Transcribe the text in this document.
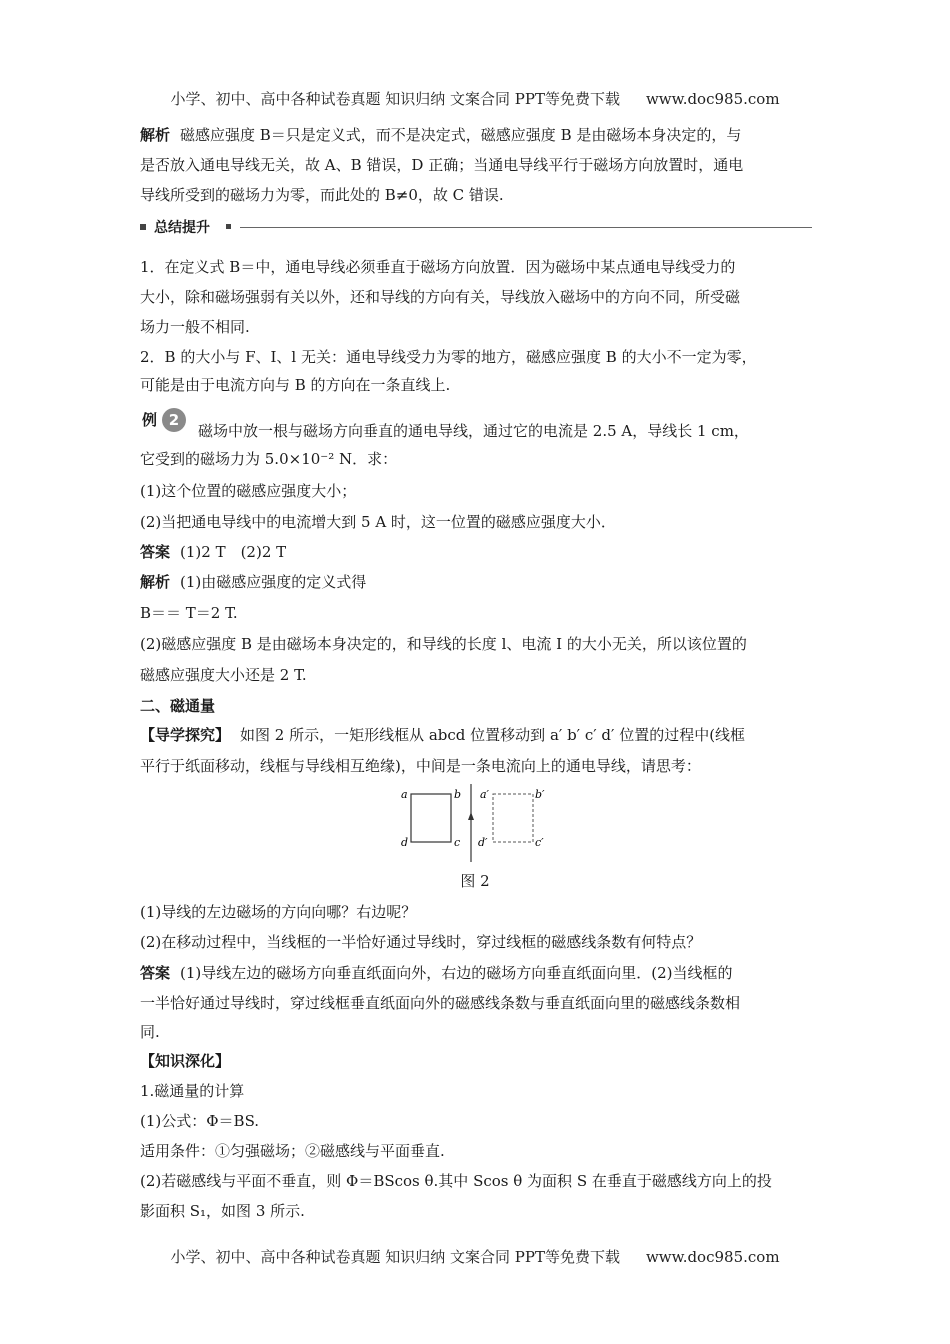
小学、初中、高中各种试卷真题 知识归纳 文案合同 PPT等免费下载 www.doc985.com
解析 磁感应强度 B＝只是定义式，而不是决定式，磁感应强度 B 是由磁场本身决定的，与
是否放入通电导线无关，故 A、B 错误，D 正确；当通电导线平行于磁场方向放置时，通电
导线所受到的磁场力为零，而此处的 B≠0，故 C 错误.
总结提升
1．在定义式 B＝中，通电导线必须垂直于磁场方向放置．因为磁场中某点通电导线受力的
大小，除和磁场强弱有关以外，还和导线的方向有关，导线放入磁场中的方向不同，所受磁
场力一般不相同.
2．B 的大小与 F、I、l 无关：通电导线受力为零的地方，磁感应强度 B 的大小不一定为零，
可能是由于电流方向与 B 的方向在一条直线上.
例 2
磁场中放一根与磁场方向垂直的通电导线，通过它的电流是 2.5 A，导线长 1 cm，
它受到的磁场力为 5.0×10⁻² N．求：
(1)这个位置的磁感应强度大小；
(2)当把通电导线中的电流增大到 5 A 时，这一位置的磁感应强度大小．
答案 (1)2 T　(2)2 T
解析 (1)由磁感应强度的定义式得
B＝＝ T＝2 T.
(2)磁感应强度 B 是由磁场本身决定的，和导线的长度 l、电流 I 的大小无关，所以该位置的
磁感应强度大小还是 2 T.
二、磁通量
【导学探究】 如图 2 所示，一矩形线框从 abcd 位置移动到 a′ b′ c′ d′ 位置的过程中(线框
平行于纸面移动，线框与导线相互绝缘)，中间是一条电流向上的通电导线，请思考：
a	b
c
d
a′	b′
c′
d′
图 2
(1)导线的左边磁场的方向向哪？右边呢？
(2)在移动过程中，当线框的一半恰好通过导线时，穿过线框的磁感线条数有何特点？
答案 (1)导线左边的磁场方向垂直纸面向外，右边的磁场方向垂直纸面向里．(2)当线框的
一半恰好通过导线时，穿过线框垂直纸面向外的磁感线条数与垂直纸面向里的磁感线条数相
同.
【知识深化】
1.磁通量的计算
(1)公式：Φ＝BS.
适用条件：①匀强磁场；②磁感线与平面垂直.
(2)若磁感线与平面不垂直，则 Φ＝BScos θ.其中 Scos θ 为面积 S 在垂直于磁感线方向上的投
影面积 S₁，如图 3 所示.
小学、初中、高中各种试卷真题 知识归纳 文案合同 PPT等免费下载 www.doc985.com
